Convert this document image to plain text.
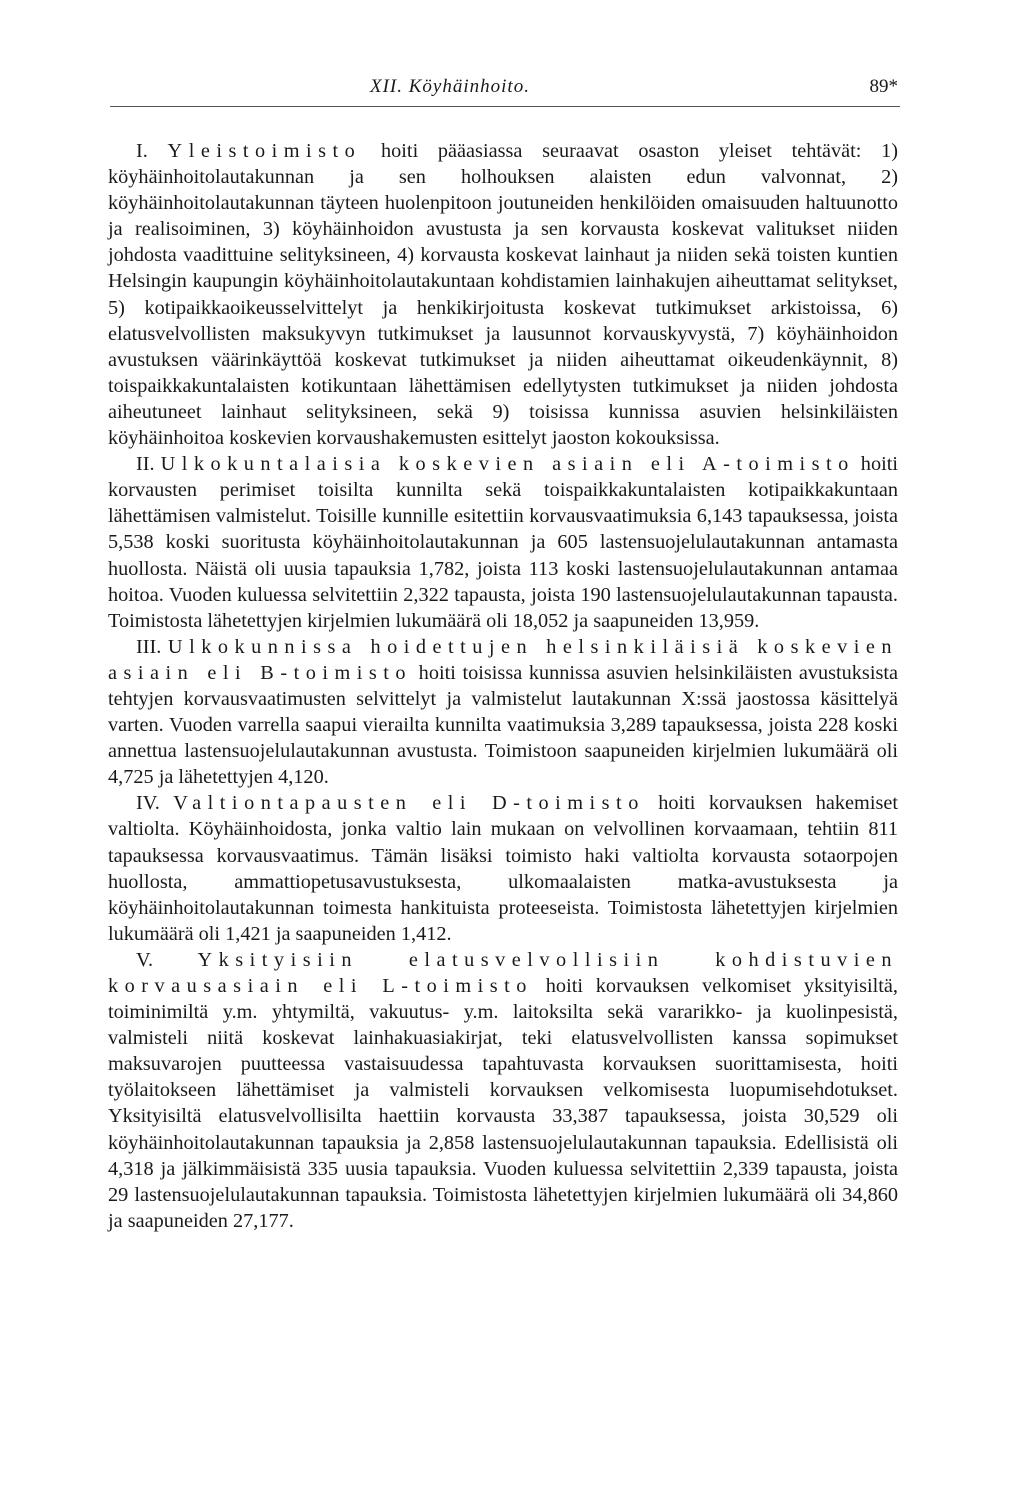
XII. Köyhäinhoito.	89*

I. Yleistoimisto hoiti pääasiassa seuraavat osaston yleiset tehtävät: 1) köyhäinhoitolautakunnan ja sen holhouksen alaisten edun valvonnat, 2) köyhäinhoitolautakunnan täyteen huolenpitoon joutuneiden henkilöiden omaisuuden haltuunotto ja realisoiminen, 3) köyhäinhoidon avustusta ja sen korvausta koskevat valitukset niiden johdosta vaadittuine selityksineen, 4) korvausta koskevat lainhaut ja niiden sekä toisten kuntien Helsingin kaupungin köyhäinhoitolautakuntaan kohdistamien lainhakujen aiheuttamat selitykset, 5) kotipaikkaoikeusselvittelyt ja henkikirjoitusta koskevat tutkimukset arkistoissa, 6) elatusvelvollisten maksukyvyn tutkimukset ja lausunnot korvauskyvystä, 7) köyhäinhoidon avustuksen väärinkäyttöä koskevat tutkimukset ja niiden aiheuttamat oikeudenkäynnit, 8) toispaikkakuntalaisten kotikuntaan lähettämisen edellytysten tutkimukset ja niiden johdosta aiheutuneet lainhaut selityksineen, sekä 9) toisissa kunnissa asuvien helsinkiläisten köyhäinhoitoa koskevien korvaushakemusten esittelyt jaoston kokouksissa.

II. Ulkokuntalaisia koskevien asiain eli A-toimisto hoiti korvausten perimiset toisilta kunnilta sekä toispaikkakuntalaisten kotipaikkakuntaan lähettämisen valmistelut. Toisille kunnille esitettiin korvausvaatimuksia 6,143 tapauksessa, joista 5,538 koski suoritusta köyhäinhoitolautakunnan ja 605 lastensuojelulautakunnan antamasta huollosta. Näistä oli uusia tapauksia 1,782, joista 113 koski lastensuojelulautakunnan antamaa hoitoa. Vuoden kuluessa selvitettiin 2,322 tapausta, joista 190 lastensuojelulautakunnan tapausta. Toimistosta lähetettyjen kirjelmien lukumäärä oli 18,052 ja saapuneiden 13,959.

III. Ulkokunnissa hoidettujen helsinkiläisiä koskevien asiain eli B-toimisto hoiti toisissa kunnissa asuvien helsinkiläisten avustuksista tehtyjen korvausvaatimusten selvittelyt ja valmistelut lautakunnan X:ssä jaostossa käsittelyä varten. Vuoden varrella saapui vierailta kunnilta vaatimuksia 3,289 tapauksessa, joista 228 koski annettua lastensuojelulautakunnan avustusta. Toimistoon saapuneiden kirjelmien lukumäärä oli 4,725 ja lähetettyjen 4,120.

IV. Valtiontapausten eli D-toimisto hoiti korvauksen hakemiset valtiolta. Köyhäinhoidosta, jonka valtio lain mukaan on velvollinen korvaamaan, tehtiin 811 tapauksessa korvausvaatimus. Tämän lisäksi toimisto haki valtiolta korvausta sotaorpojen huollosta, ammattiopetusavustuksesta, ulkomaalaisten matka-avustuksesta ja köyhäinhoitolautakunnan toimesta hankituista proteeseista. Toimistosta lähetettyjen kirjelmien lukumäärä oli 1,421 ja saapuneiden 1,412.

V. Yksityisiin elatusvelvollisiin kohdistuvien korvausasiain eli L-toimisto hoiti korvauksen velkomiset yksityisiltä, toiminimiltä y.m. yhtymiltä, vakuutus- y.m. laitoksilta sekä vararikko- ja kuolinpesistä, valmisteli niitä koskevat lainhakuasiakirjat, teki elatusvelvollisten kanssa sopimukset maksuvarojen puutteessa vastaisuudessa tapahtuvasta korvauksen suorittamisesta, hoiti työlaitokseen lähettämiset ja valmisteli korvauksen velkomisesta luopumisehdotukset. Yksityisiltä elatusvelvollisilta haettiin korvausta 33,387 tapauksessa, joista 30,529 oli köyhäinhoitolautakunnan tapauksia ja 2,858 lastensuojelulautakunnan tapauksia. Edellisistä oli 4,318 ja jälkimmäisistä 335 uusia tapauksia. Vuoden kuluessa selvitettiin 2,339 tapausta, joista 29 lastensuojelulautakunnan tapauksia. Toimistosta lähetettyjen kirjelmien lukumäärä oli 34,860 ja saapuneiden 27,177.
